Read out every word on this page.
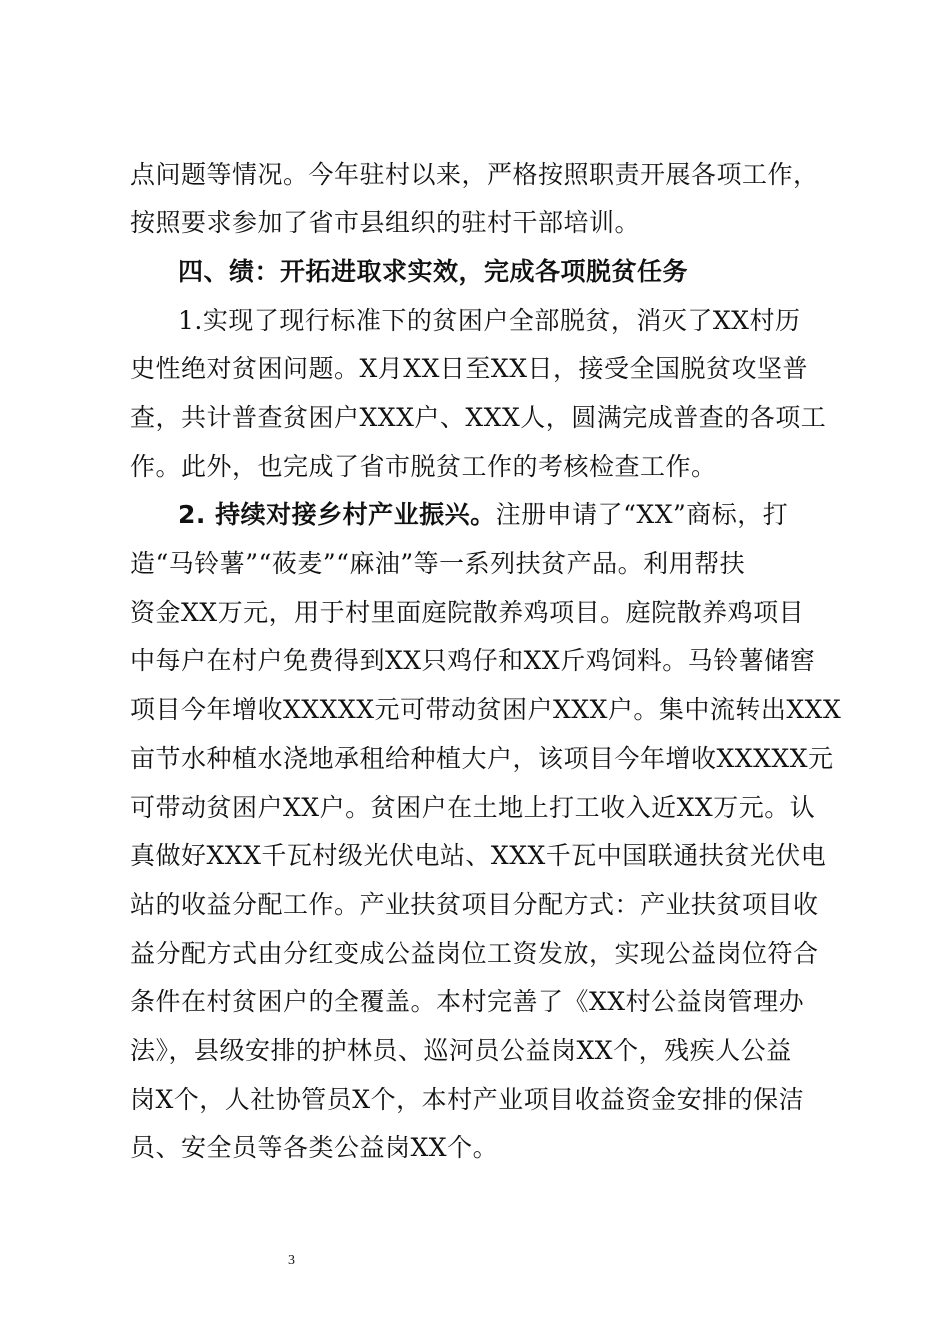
点问题等情况。今年驻村以来，严格按照职责开展各项工作，
按照要求参加了省市县组织的驻村干部培训。
四、绩：开拓进取求实效，完成各项脱贫任务
1.实现了现行标准下的贫困户全部脱贫，消灭了XX村历
史性绝对贫困问题。X月XX日至XX日，接受全国脱贫攻坚普
查，共计普查贫困户XXX户、XXX人，圆满完成普查的各项工
作。此外，也完成了省市脱贫工作的考核检查工作。
2. 持续对接乡村产业振兴。注册申请了“XX”商标，打
造“马铃薯”“莜麦”“麻油”等一系列扶贫产品。利用帮扶
资金XX万元，用于村里面庭院散养鸡项目。庭院散养鸡项目
中每户在村户免费得到XX只鸡仔和XX斤鸡饲料。马铃薯储窖
项目今年增收XXXXX元可带动贫困户XXX户。集中流转出XXX
亩节水种植水浇地承租给种植大户，该项目今年增收XXXXX元
可带动贫困户XX户。贫困户在土地上打工收入近XX万元。认
真做好XXX千瓦村级光伏电站、XXX千瓦中国联通扶贫光伏电
站的收益分配工作。产业扶贫项目分配方式：产业扶贫项目收
益分配方式由分红变成公益岗位工资发放，实现公益岗位符合
条件在村贫困户的全覆盖。本村完善了《XX村公益岗管理办
法》，县级安排的护林员、巡河员公益岗XX个，残疾人公益
岗X个，人社协管员X个，本村产业项目收益资金安排的保洁
员、安全员等各类公益岗XX个。
3
